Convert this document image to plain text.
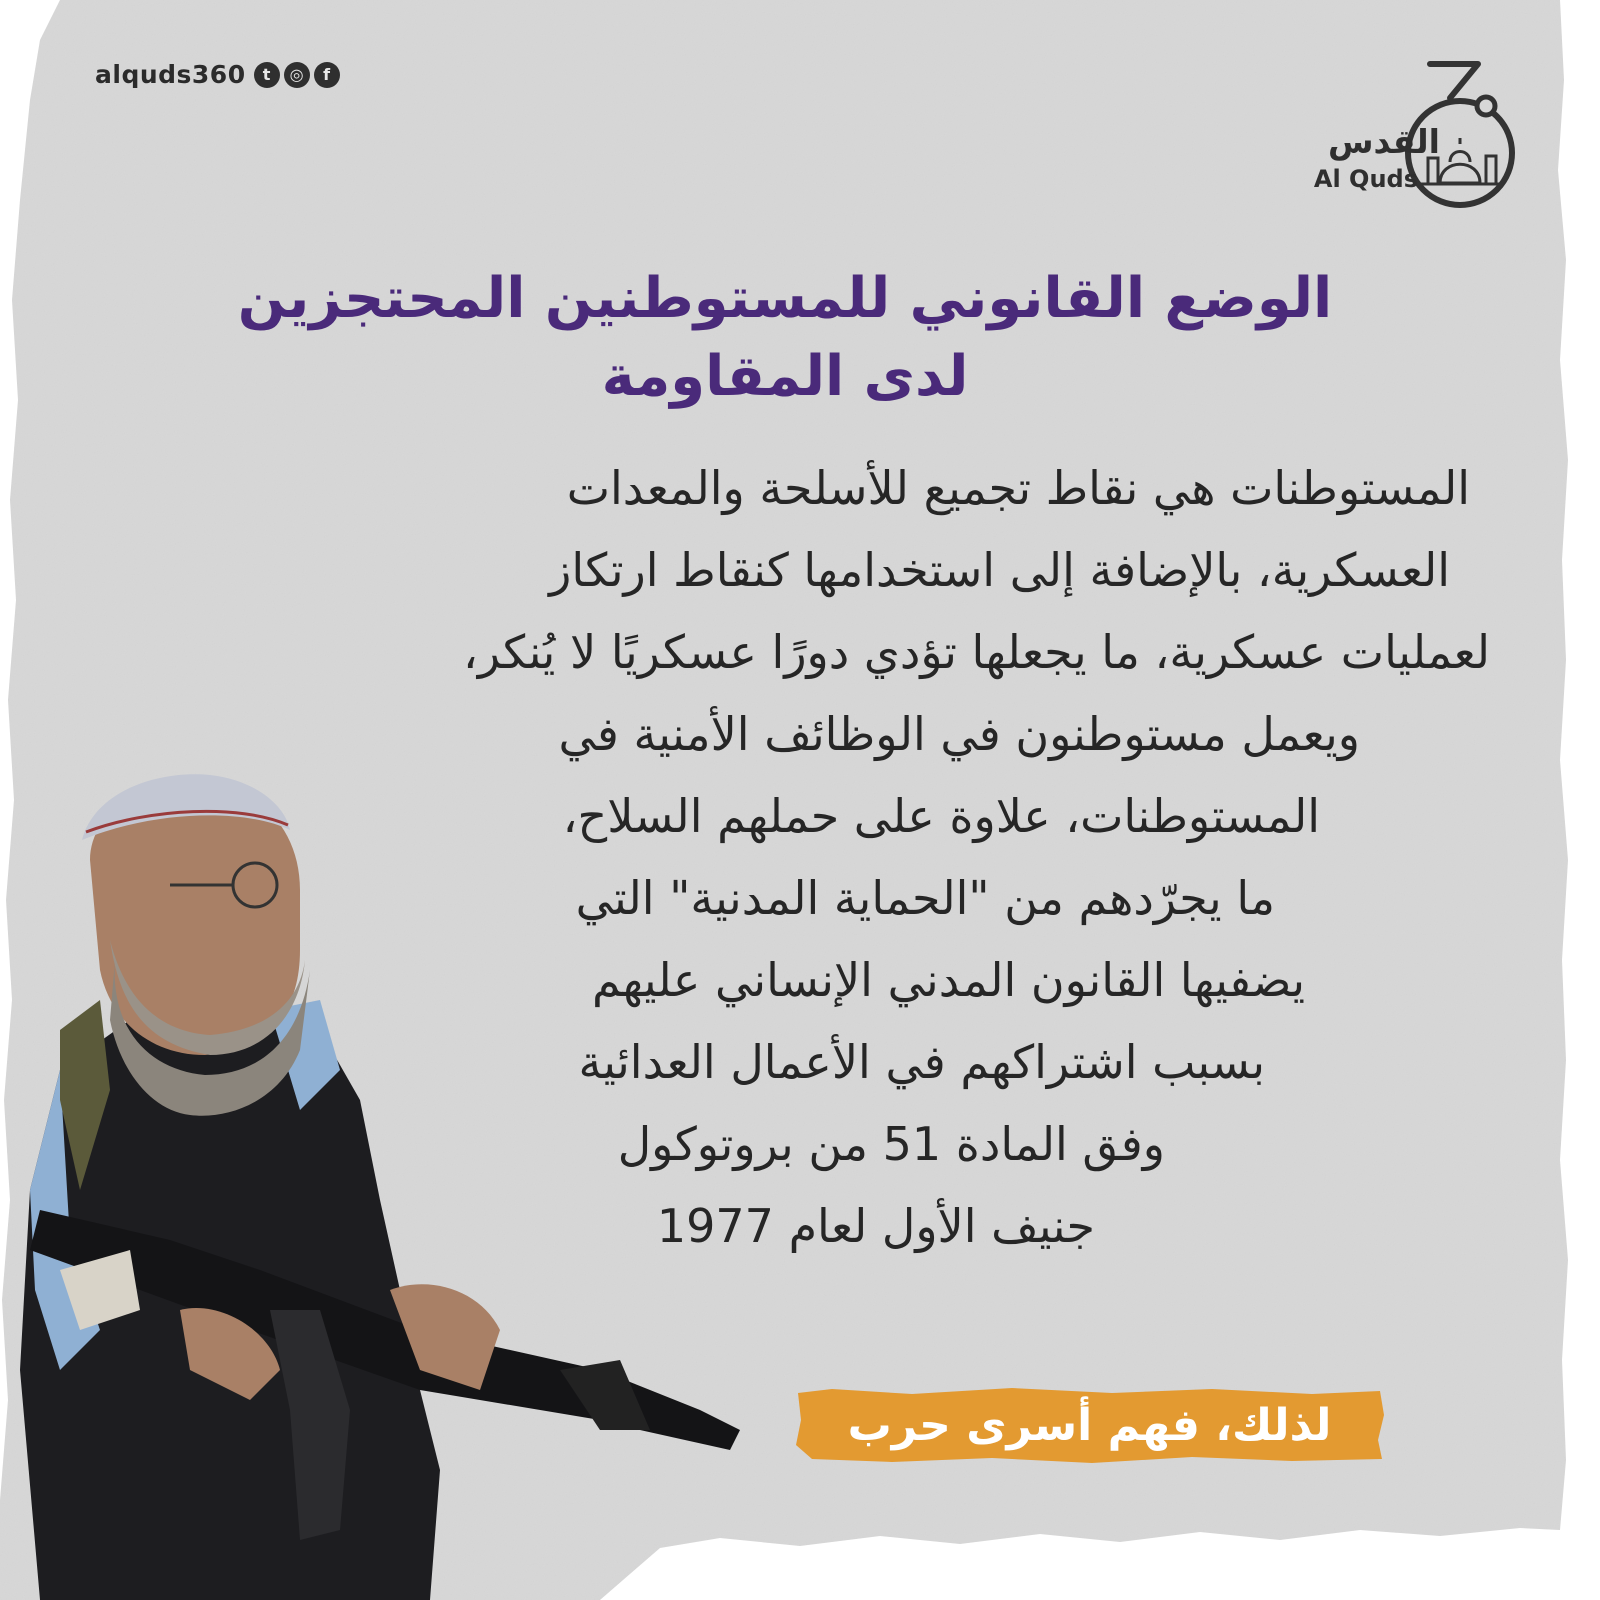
alquds360	t	◎	f
القدس
Al Quds
الوضع القانوني للمستوطنين المحتجزين
لدى المقاومة
المستوطنات هي نقاط تجميع للأسلحة والمعدات
العسكرية، بالإضافة إلى استخدامها كنقاط ارتكاز
لعمليات عسكرية، ما يجعلها تؤدي دورًا عسكريًا لا يُنكر،
ويعمل مستوطنون في الوظائف الأمنية في
المستوطنات، علاوة على حملهم السلاح،
ما يجرّدهم من "الحماية المدنية" التي
يضفيها القانون المدني الإنساني عليهم
بسبب اشتراكهم في الأعمال العدائية
وفق المادة 51 من بروتوكول
جنيف الأول لعام 1977
لذلك، فهم أسرى حرب
